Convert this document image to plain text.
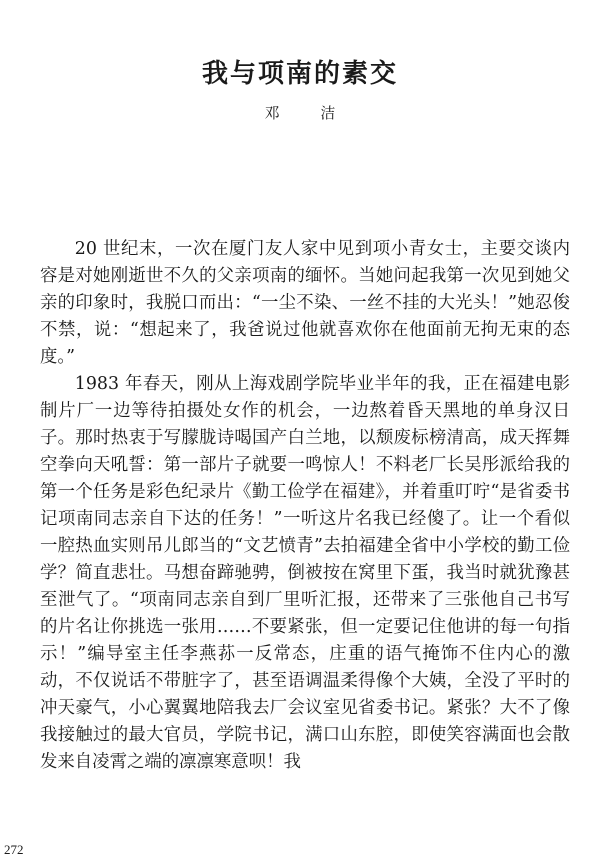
我与项南的素交
邓 洁

20 世纪末，一次在厦门友人家中见到项小青女士，主要交谈内容是对她刚逝世不久的父亲项南的缅怀。当她问起我第一次见到她父亲的印象时，我脱口而出：“一尘不染、一丝不挂的大光头！”她忍俊不禁，说：“想起来了，我爸说过他就喜欢你在他面前无拘无束的态度。”

1983 年春天，刚从上海戏剧学院毕业半年的我，正在福建电影制片厂一边等待拍摄处女作的机会，一边熬着昏天黑地的单身汉日子。那时热衷于写朦胧诗喝国产白兰地，以颓废标榜清高，成天挥舞空拳向天吼誓：第一部片子就要一鸣惊人！不料老厂长吴彤派给我的第一个任务是彩色纪录片《勤工俭学在福建》，并着重叮咛“是省委书记项南同志亲自下达的任务！”一听这片名我已经傻了。让一个看似一腔热血实则吊儿郎当的“文艺愤青”去拍福建全省中小学校的勤工俭学？简直悲壮。马想奋蹄驰骋，倒被按在窝里下蛋，我当时就犹豫甚至泄气了。“项南同志亲自到厂里听汇报，还带来了三张他自己书写的片名让你挑选一张用……不要紧张，但一定要记住他讲的每一句指示！”编导室主任李燕荪一反常态，庄重的语气掩饰不住内心的激动，不仅说话不带脏字了，甚至语调温柔得像个大姨，全没了平时的冲天豪气，小心翼翼地陪我去厂会议室见省委书记。紧张？大不了像我接触过的最大官员，学院书记，满口山东腔，即使笑容满面也会散发来自凌霄之端的凛凛寒意呗！我

272
